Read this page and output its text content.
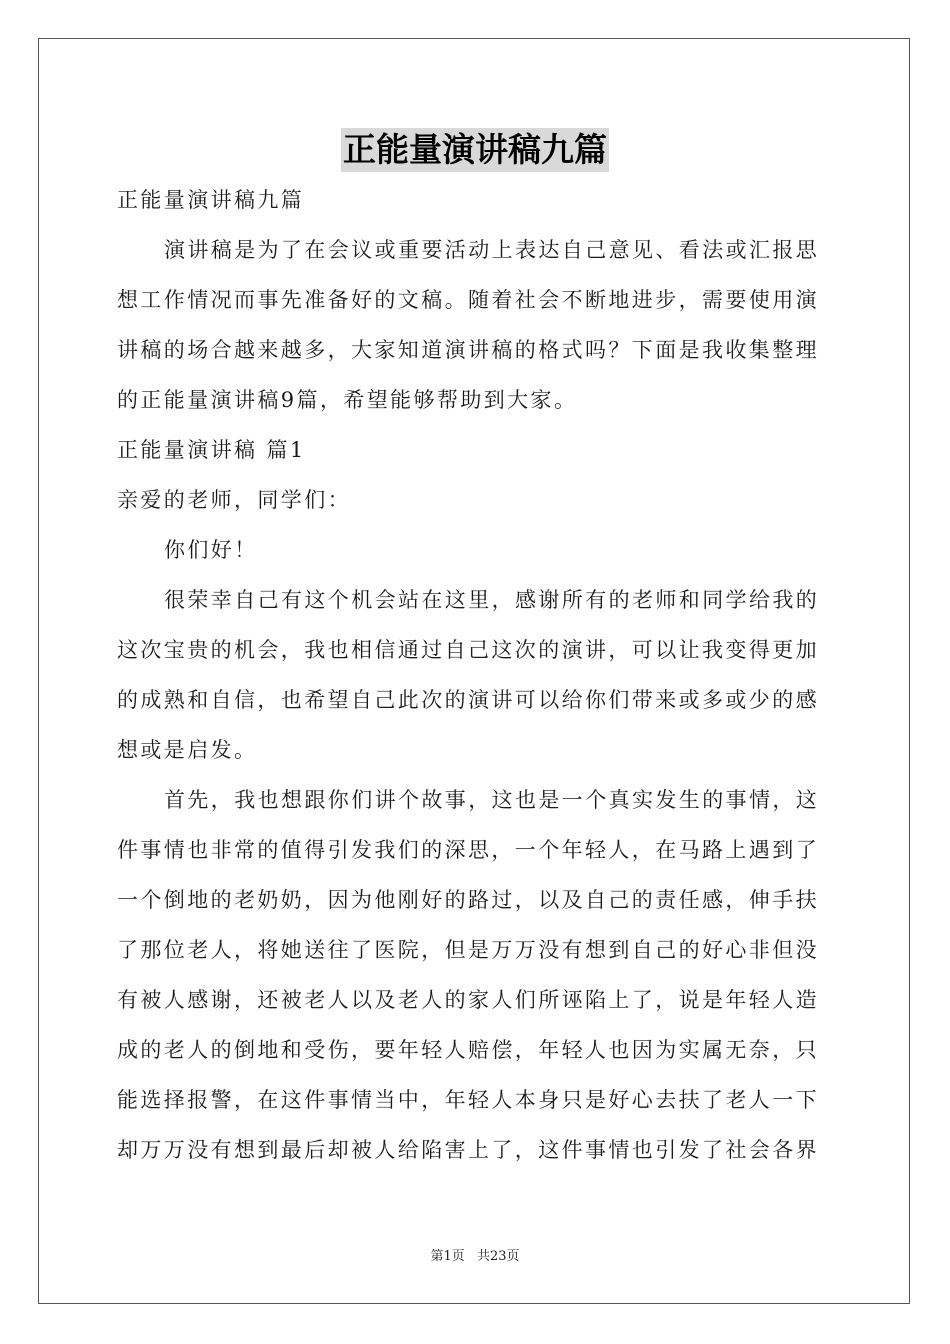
正能量演讲稿九篇
正能量演讲稿九篇
演讲稿是为了在会议或重要活动上表达自己意见、看法或汇报思
想工作情况而事先准备好的文稿。随着社会不断地进步，需要使用演
讲稿的场合越来越多，大家知道演讲稿的格式吗？下面是我收集整理
的正能量演讲稿9篇，希望能够帮助到大家。
正能量演讲稿 篇1
亲爱的老师，同学们：
你们好！
很荣幸自己有这个机会站在这里，感谢所有的老师和同学给我的
这次宝贵的机会，我也相信通过自己这次的演讲，可以让我变得更加
的成熟和自信，也希望自己此次的演讲可以给你们带来或多或少的感
想或是启发。
首先，我也想跟你们讲个故事，这也是一个真实发生的事情，这
件事情也非常的值得引发我们的深思，一个年轻人，在马路上遇到了
一个倒地的老奶奶，因为他刚好的路过，以及自己的责任感，伸手扶
了那位老人，将她送往了医院，但是万万没有想到自己的好心非但没
有被人感谢，还被老人以及老人的家人们所诬陷上了，说是年轻人造
成的老人的倒地和受伤，要年轻人赔偿，年轻人也因为实属无奈，只
能选择报警，在这件事情当中，年轻人本身只是好心去扶了老人一下
却万万没有想到最后却被人给陷害上了，这件事情也引发了社会各界
第1页 共23页
